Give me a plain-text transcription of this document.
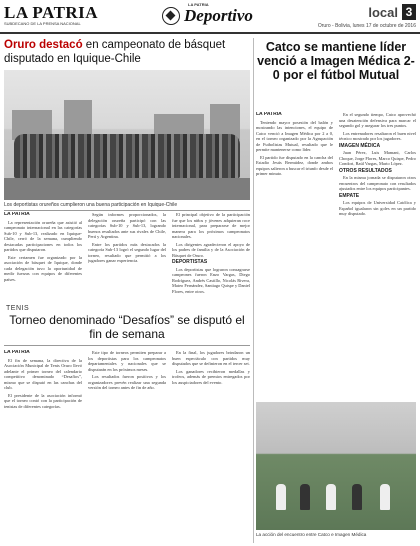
LA PATRIA
SUBDECANO DE LA PRENSA NACIONAL
LA PATRIA
Deportivo	local 3
Oruro - Bolivia, lunes 17 de octubre de 2016
Oruro destacó en campeonato de básquet disputado en Iquique-Chile
Los deportistas orureños cumplieron una buena participación en Iquique-Chile
LA PATRIA

La representación orureña que asistió al campeonato internacional en las categorías Sub-10 y Sub-13, realizado en Iquique-Chile, cerró de la semana, cumpliendo destacadas participaciones en todos los partidos que disputaron.

Este certamen fue organizado por la asociación de básquet de Iquique, donde cada delegación tuvo la oportunidad de medir fuerzas con equipos de diferentes países.

Según informes proporcionados, la delegación orureña participó con las categorías Sub-10 y Sub-13, logrando buenos resultados ante sus rivales de Chile, Perú y Argentina.

Entre los partidos más destacados la categoría Sub-13 logró el segundo lugar del torneo, resultado que permitió a los jugadores ganar experiencia.

El principal objetivo de la participación fue que los niños y jóvenes adquieran roce internacional, para prepararse de mejor manera para los próximos campeonatos nacionales.

Los dirigentes agradecieron el apoyo de los padres de familia y de la Asociación de Básquet de Oruro.

DEPORTISTAS

Los deportistas que lograron consagrarse campeones fueron Enzo Vargas, Diego Rodríguez, Andrés Castillo, Nicolás Rivera, Mateo Fernández, Santiago Quispe y Daniel Flores, entre otros.

TENIS
Torneo denominado “Desafíos” se disputó el fin de semana
LA PATRIA

El fin de semana, la directiva de la Asociación Municipal de Tenis Oruro llevó adelante el primer torneo del calendario competitivo denominado “Desafíos”, mismo que se disputó en las canchas del club.

El presidente de la asociación informó que el torneo contó con la participación de tenistas de diferentes categorías.

Este tipo de torneos permiten preparar a los deportistas para los campeonatos departamentales y nacionales que se disputarán en los próximos meses.

Los resultados fueron positivos y los organizadores prevén realizar una segunda versión del torneo antes de fin de año.

En la final, los jugadores brindaron un buen espectáculo con partidos muy disputados que se definieron en el tercer set.

Los ganadores recibieron medallas y trofeos, además de premios entregados por los auspiciadores del evento.

Catco se mantiene líder venció a Imagen Médica 2-0 por el fútbol Mutual
LA PATRIA

Teniendo mayor posesión del balón y mostrando las intenciones, el equipo de Catco venció a Imagen Médica por 2 a 0, en el torneo organizado por la Agrupación de Futbolistas Mutual, resultado que le permite mantenerse como líder.

El partido fue disputado en la cancha del Estadio Jesús Bermúdez, donde ambos equipos salieron a buscar el triunfo desde el primer minuto.

En el segundo tiempo, Catco aprovechó una desatención defensiva para marcar el segundo gol y asegurar los tres puntos.

Los entrenadores resaltaron el buen nivel técnico mostrado por los jugadores.

IMAGEN MÉDICA

Juan Pérez, Luis Mamani, Carlos Choque, Jorge Flores, Marco Quispe, Pedro Condori, Raúl Vargas, Mario López.

OTROS RESULTADOS

En la misma jornada se disputaron otros encuentros del campeonato con resultados ajustados entre los equipos participantes.

EMPATE

Los equipos de Universidad Católica y Español igualaron sin goles en un partido muy disputado.

La acción del encuentro entre Catco e Imagen Médica
